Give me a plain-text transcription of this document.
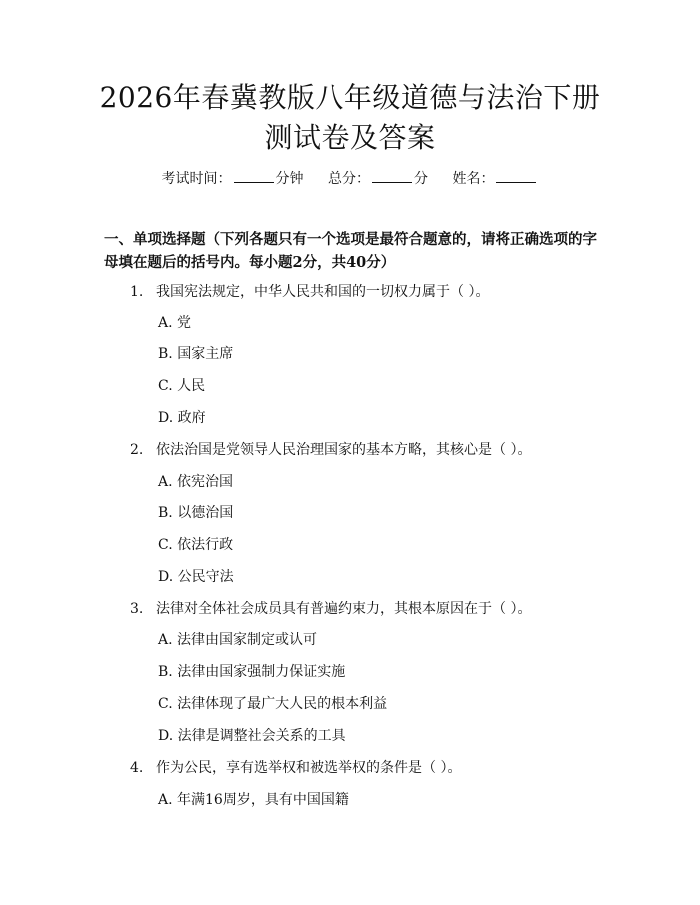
2026年春冀教版八年级道德与法治下册测试卷及答案
考试时间：	分钟 总分：	分 姓名：
一、单项选择题（下列各题只有一个选项是最符合题意的，请将正确选项的字母填在题后的括号内。每小题2分，共40分）
1. 我国宪法规定，中华人民共和国的一切权力属于（ ）。
A. 党
B. 国家主席
C. 人民
D. 政府
2. 依法治国是党领导人民治理国家的基本方略，其核心是（ ）。
A. 依宪治国
B. 以德治国
C. 依法行政
D. 公民守法
3. 法律对全体社会成员具有普遍约束力，其根本原因在于（ ）。
A. 法律由国家制定或认可
B. 法律由国家强制力保证实施
C. 法律体现了最广大人民的根本利益
D. 法律是调整社会关系的工具
4. 作为公民，享有选举权和被选举权的条件是（ ）。
A. 年满16周岁，具有中国国籍
